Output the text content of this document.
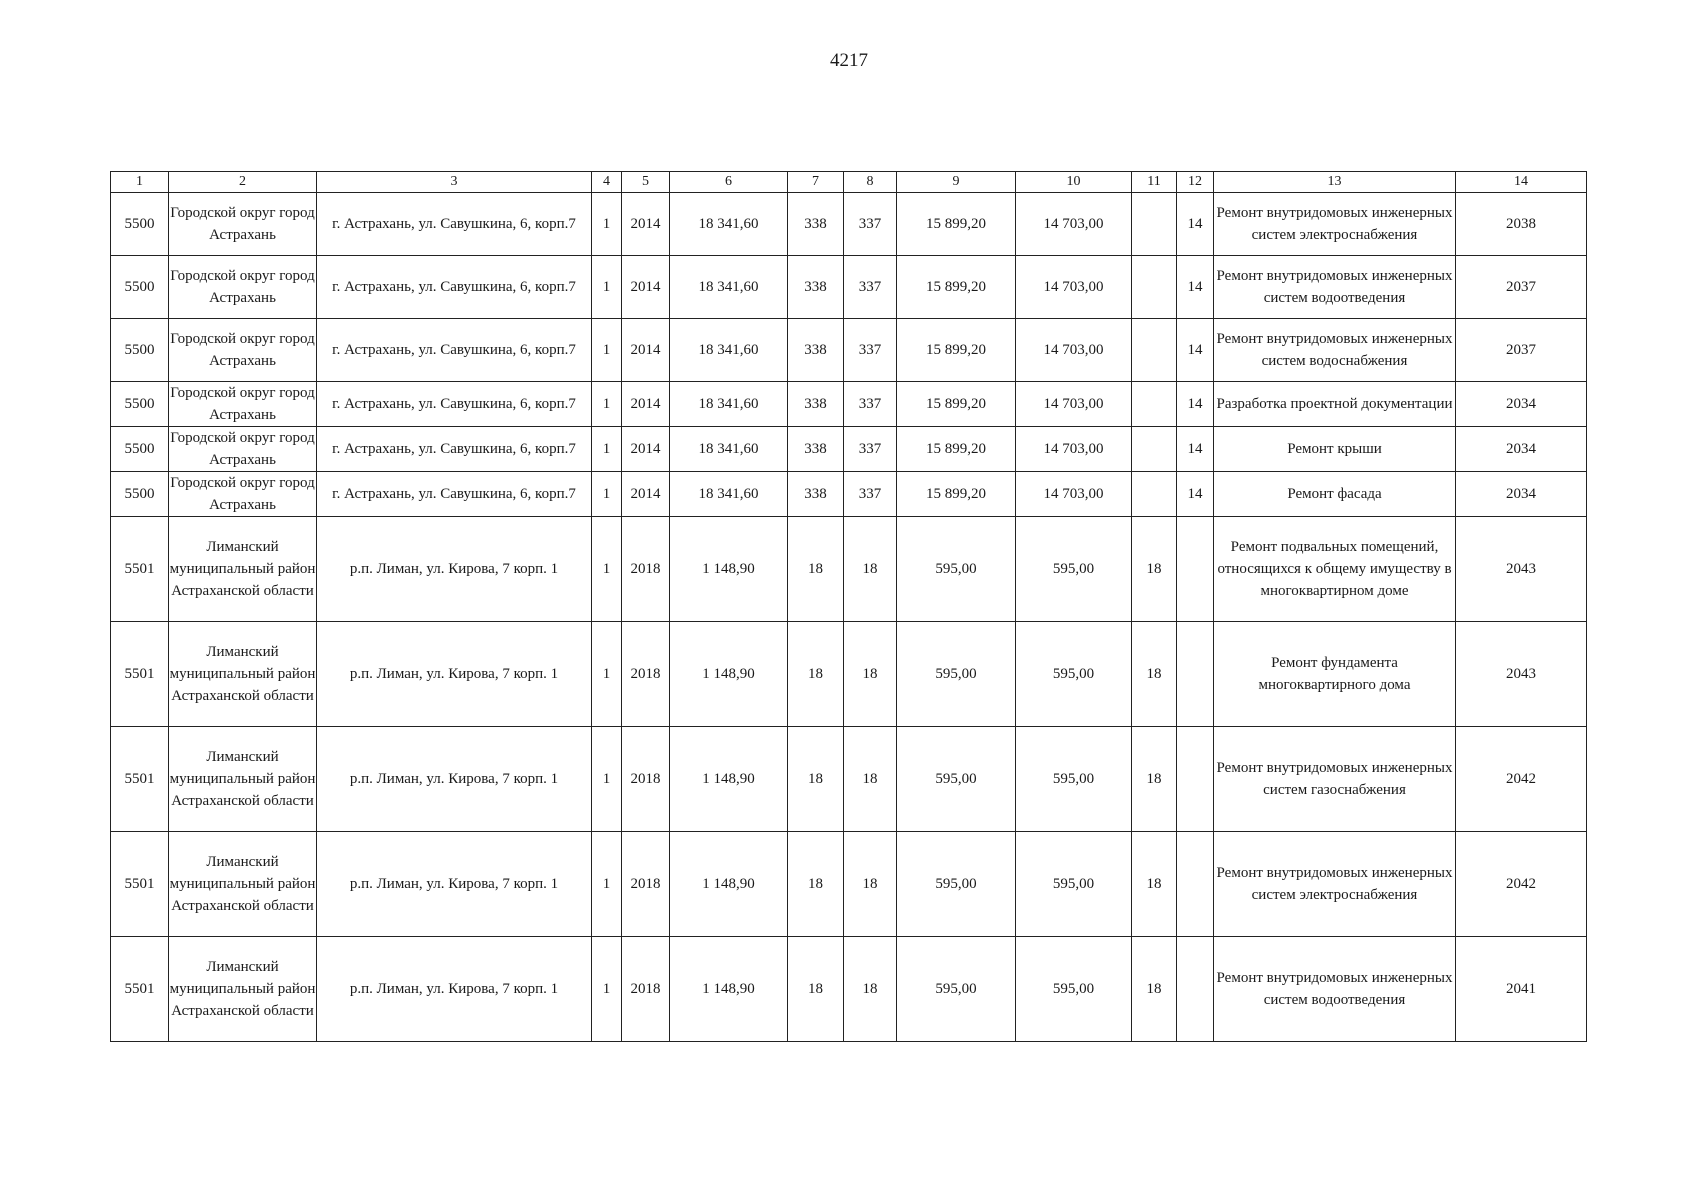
4217
1	2	3	4	5	6	7	8	9	10	11	12	13	14
5500	Городской округ город Астрахань	г. Астрахань, ул. Савушкина, 6, корп.7	1	2014	18 341,60	338	337	15 899,20	14 703,00		14	Ремонт внутридомовых инженерных систем электроснабжения	2038
5500	Городской округ город Астрахань	г. Астрахань, ул. Савушкина, 6, корп.7	1	2014	18 341,60	338	337	15 899,20	14 703,00		14	Ремонт внутридомовых инженерных систем водоотведения	2037
5500	Городской округ город Астрахань	г. Астрахань, ул. Савушкина, 6, корп.7	1	2014	18 341,60	338	337	15 899,20	14 703,00		14	Ремонт внутридомовых инженерных систем водоснабжения	2037
5500	Городской округ город Астрахань	г. Астрахань, ул. Савушкина, 6, корп.7	1	2014	18 341,60	338	337	15 899,20	14 703,00		14	Разработка проектной документации	2034
5500	Городской округ город Астрахань	г. Астрахань, ул. Савушкина, 6, корп.7	1	2014	18 341,60	338	337	15 899,20	14 703,00		14	Ремонт крыши	2034
5500	Городской округ город Астрахань	г. Астрахань, ул. Савушкина, 6, корп.7	1	2014	18 341,60	338	337	15 899,20	14 703,00		14	Ремонт фасада	2034
5501	Лиманский муниципальный район Астраханской области	р.п. Лиман, ул. Кирова, 7 корп. 1	1	2018	1 148,90	18	18	595,00	595,00	18		Ремонт подвальных помещений, относящихся к общему имуществу в многоквартирном доме	2043
5501	Лиманский муниципальный район Астраханской области	р.п. Лиман, ул. Кирова, 7 корп. 1	1	2018	1 148,90	18	18	595,00	595,00	18		Ремонт фундамента многоквартирного дома	2043
5501	Лиманский муниципальный район Астраханской области	р.п. Лиман, ул. Кирова, 7 корп. 1	1	2018	1 148,90	18	18	595,00	595,00	18		Ремонт внутридомовых инженерных систем газоснабжения	2042
5501	Лиманский муниципальный район Астраханской области	р.п. Лиман, ул. Кирова, 7 корп. 1	1	2018	1 148,90	18	18	595,00	595,00	18		Ремонт внутридомовых инженерных систем электроснабжения	2042
5501	Лиманский муниципальный район Астраханской области	р.п. Лиман, ул. Кирова, 7 корп. 1	1	2018	1 148,90	18	18	595,00	595,00	18		Ремонт внутридомовых инженерных систем водоотведения	2041
